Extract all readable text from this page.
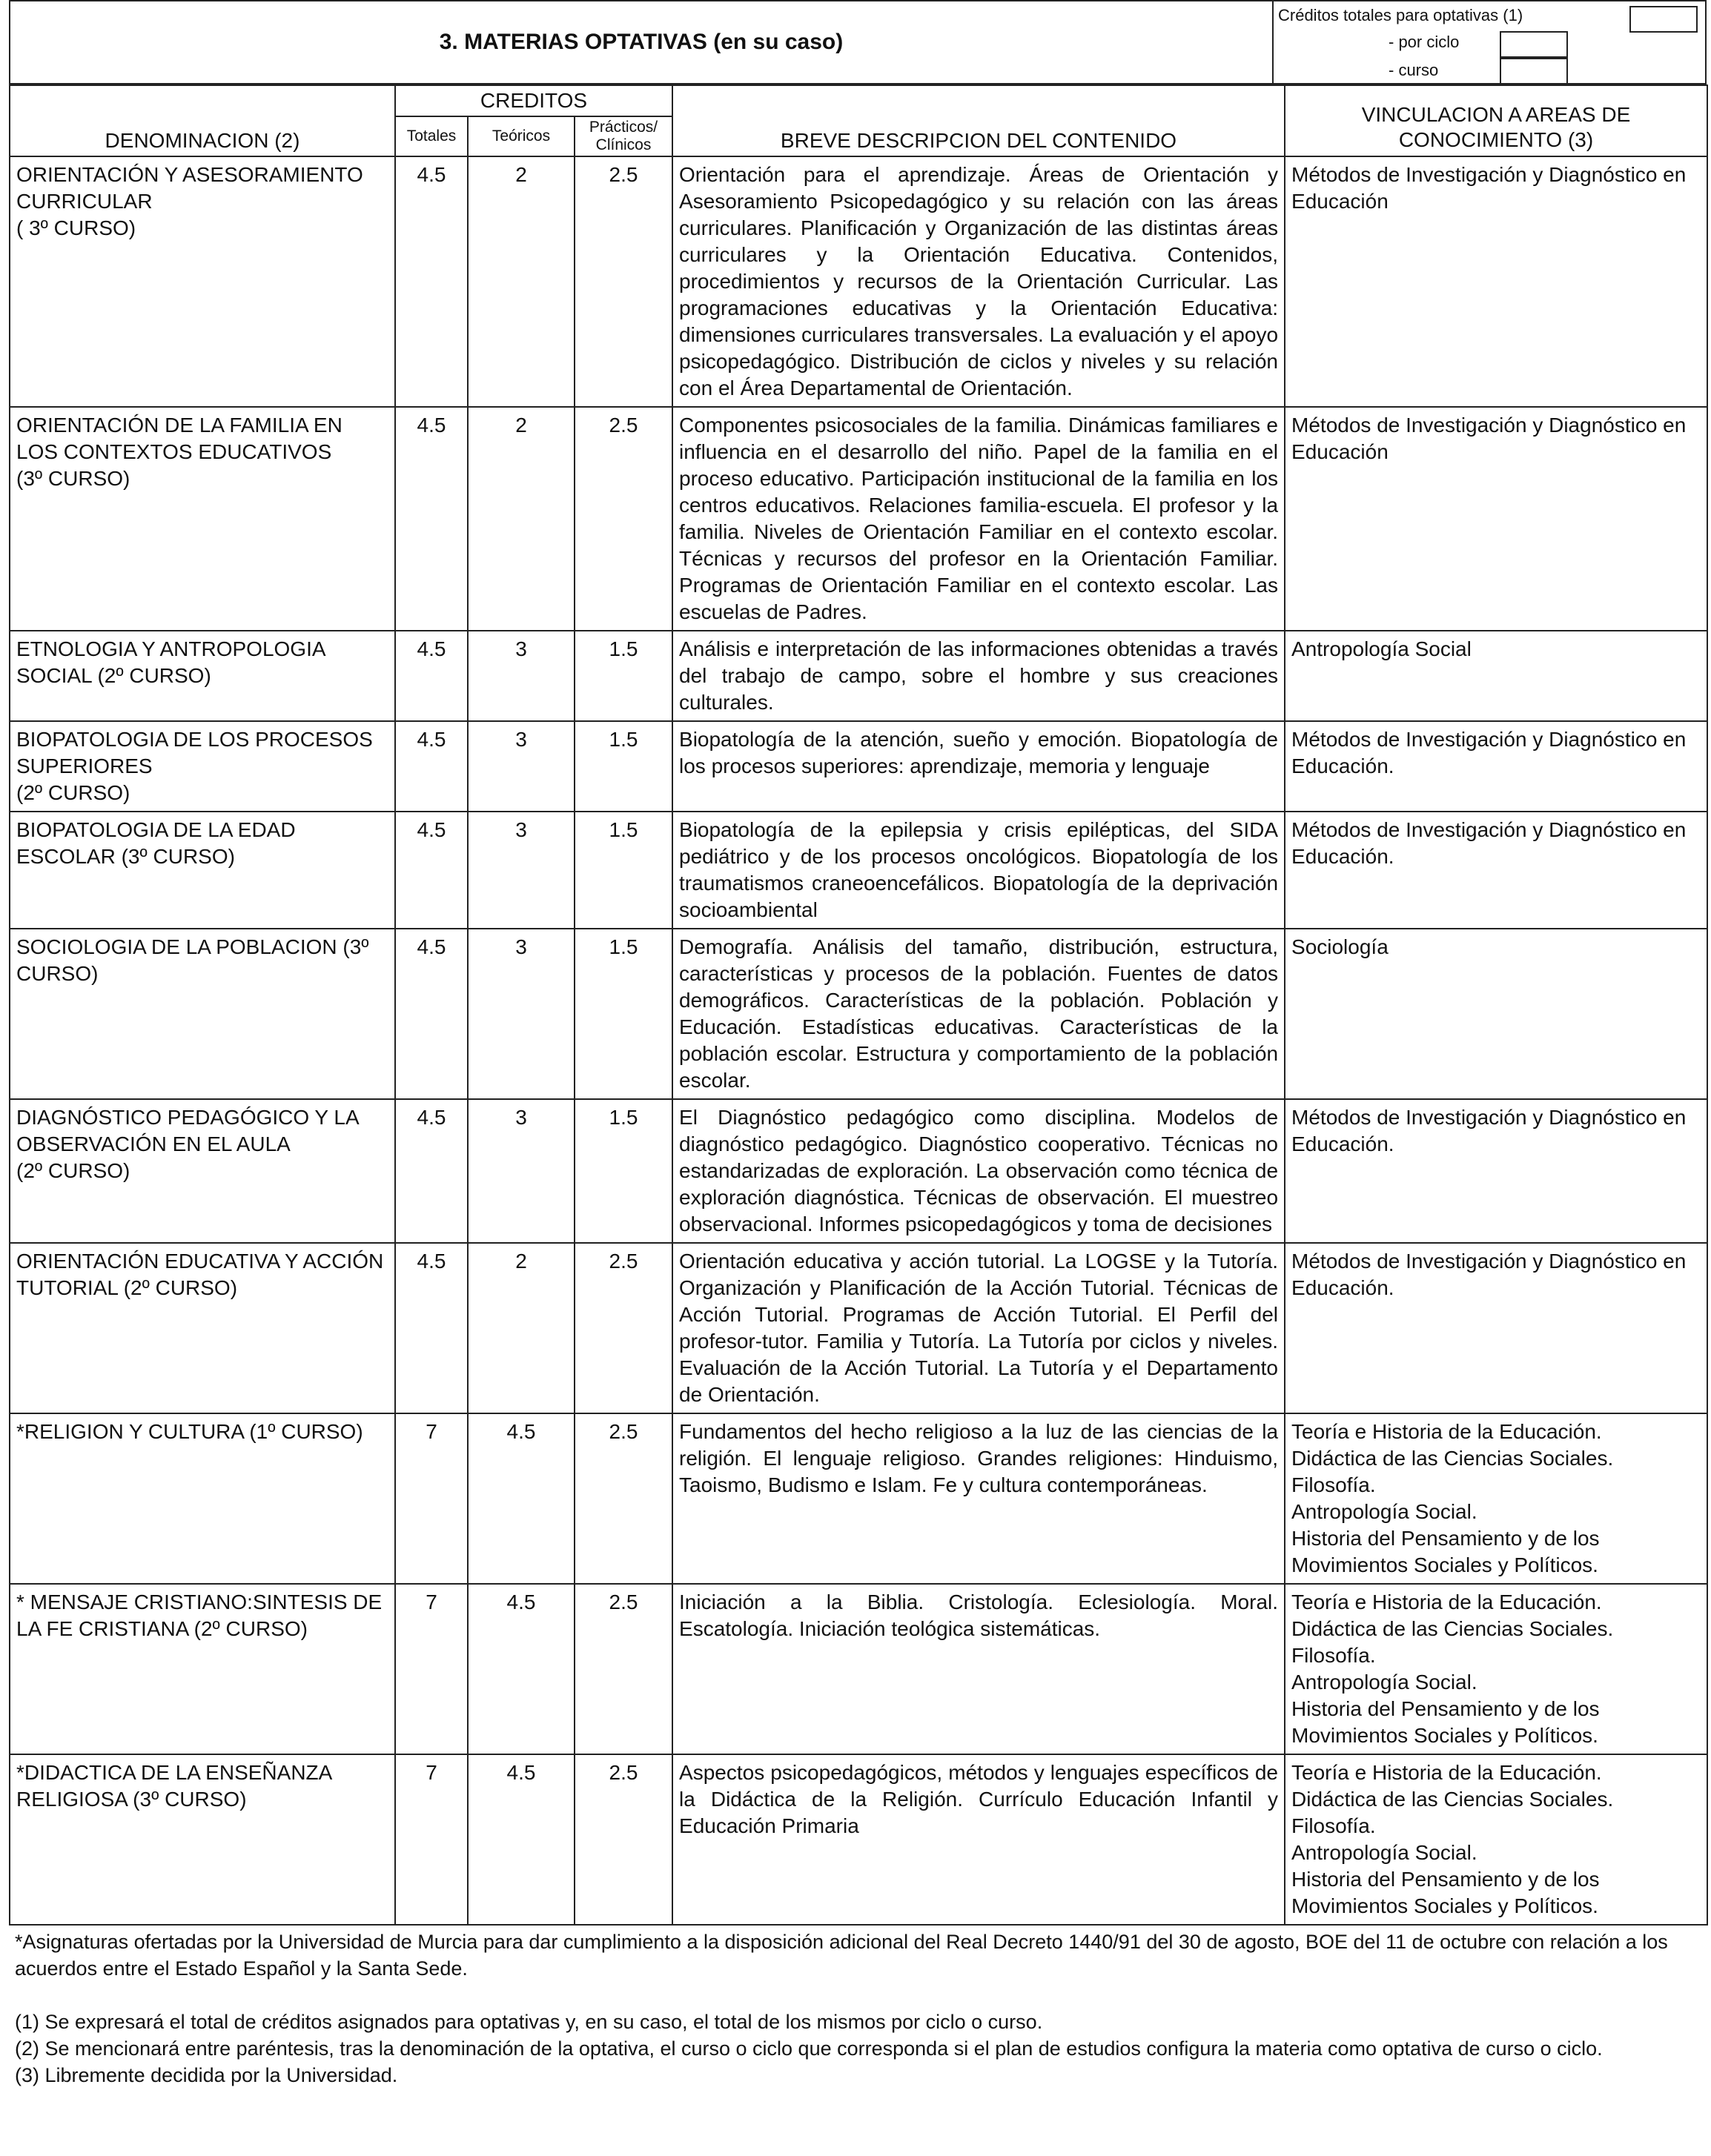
3. MATERIAS OPTATIVAS (en su caso)	
Créditos totales para optativas (1)
- por ciclo
- curso
DENOMINACION (2)	CREDITOS			BREVE DESCRIPCION DEL CONTENIDO	VINCULACION A AREAS DE CONOCIMIENTO (3)
	Totales	Teóricos	Prácticos/ Clínicos		

ORIENTACIÓN Y ASESORAMIENTO CURRICULAR
( 3º CURSO)	4.5	2	2.5	Orientación para el aprendizaje. Áreas de Orientación y Asesoramiento Psicopedagógico y su relación con las áreas curriculares. Planificación y Organización de las distintas áreas curriculares y la Orientación Educativa. Contenidos, procedimientos y recursos de la Orientación Curricular. Las programaciones educativas y la Orientación Educativa: dimensiones curriculares transversales. La evaluación y el apoyo psicopedagógico. Distribución de ciclos y niveles y su relación con el Área Departamental de Orientación.	Métodos de Investigación y Diagnóstico en Educación

ORIENTACIÓN DE LA FAMILIA EN LOS CONTEXTOS EDUCATIVOS
(3º CURSO)	4.5	2	2.5	Componentes psicosociales de la familia. Dinámicas familiares e influencia en el desarrollo del niño. Papel de la familia en el proceso educativo. Participación institucional de la familia en los centros educativos. Relaciones familia-escuela. El profesor y la familia. Niveles de Orientación Familiar en el contexto escolar. Técnicas y recursos del profesor en la Orientación Familiar. Programas de Orientación Familiar en el contexto escolar. Las escuelas de Padres.	Métodos de Investigación y Diagnóstico en Educación

ETNOLOGIA Y ANTROPOLOGIA SOCIAL (2º CURSO)	4.5	3	1.5	Análisis e interpretación de las informaciones obtenidas a través del trabajo de campo, sobre el hombre y sus creaciones culturales.	Antropología Social

BIOPATOLOGIA DE LOS PROCESOS SUPERIORES
(2º CURSO)	4.5	3	1.5	Biopatología de la atención, sueño y emoción. Biopatología de los procesos superiores: aprendizaje, memoria y lenguaje	Métodos de Investigación y Diagnóstico en Educación.

BIOPATOLOGIA DE LA EDAD ESCOLAR (3º CURSO)	4.5	3	1.5	Biopatología de la epilepsia y crisis epilépticas, del SIDA pediátrico y de los procesos oncológicos. Biopatología de los traumatismos craneoencefálicos. Biopatología de la deprivación socioambiental	Métodos de Investigación y Diagnóstico en Educación.

SOCIOLOGIA DE LA POBLACION (3º CURSO)	4.5	3	1.5	Demografía. Análisis del tamaño, distribución, estructura, características y procesos de la población. Fuentes de datos demográficos. Características de la población. Población y Educación. Estadísticas educativas. Características de la población escolar. Estructura y comportamiento de la población escolar.	Sociología

DIAGNÓSTICO PEDAGÓGICO Y LA OBSERVACIÓN EN EL AULA
(2º CURSO)	4.5	3	1.5	El Diagnóstico pedagógico como disciplina. Modelos de diagnóstico pedagógico. Diagnóstico cooperativo. Técnicas no estandarizadas de exploración. La observación como técnica de exploración diagnóstica. Técnicas de observación. El muestreo observacional. Informes psicopedagógicos y toma de decisiones	Métodos de Investigación y Diagnóstico en Educación.

ORIENTACIÓN EDUCATIVA Y ACCIÓN TUTORIAL (2º CURSO)	4.5	2	2.5	Orientación educativa y acción tutorial. La LOGSE y la Tutoría. Organización y Planificación de la Acción Tutorial. Técnicas de Acción Tutorial. Programas de Acción Tutorial. El Perfil del profesor-tutor. Familia y Tutoría. La Tutoría por ciclos y niveles. Evaluación de la Acción Tutorial. La Tutoría y el Departamento de Orientación.	Métodos de Investigación y Diagnóstico en Educación.

*RELIGION Y CULTURA (1º CURSO)	7	4.5	2.5	Fundamentos del hecho religioso a la luz de las ciencias de la religión. El lenguaje religioso. Grandes religiones: Hinduismo, Taoismo, Budismo e Islam. Fe y cultura contemporáneas.	Teoría e Historia de la Educación.
Didáctica de las Ciencias Sociales.
Filosofía.
Antropología Social.
Historia del Pensamiento y de los Movimientos Sociales y Políticos.

* MENSAJE CRISTIANO:SINTESIS DE LA FE CRISTIANA (2º CURSO)	7	4.5	2.5	Iniciación a la Biblia. Cristología. Eclesiología. Moral. Escatología. Iniciación teológica sistemáticas.	Teoría e Historia de la Educación.
Didáctica de las Ciencias Sociales.
Filosofía.
Antropología Social.
Historia del Pensamiento y de los Movimientos Sociales y Políticos.

*DIDACTICA DE LA ENSEÑANZA RELIGIOSA (3º CURSO)	7	4.5	2.5	Aspectos psicopedagógicos, métodos y lenguajes específicos de la Didáctica de la Religión. Currículo Educación Infantil y Educación Primaria	Teoría e Historia de la Educación.
Didáctica de las Ciencias Sociales.
Filosofía.
Antropología Social.
Historia del Pensamiento y de los Movimientos Sociales y Políticos.

*Asignaturas ofertadas por la Universidad de Murcia para dar cumplimiento a la disposición adicional del Real Decreto 1440/91 del 30 de agosto, BOE del 11 de octubre con relación a los acuerdos entre el Estado Español y la Santa Sede.

(1) Se expresará el total de créditos asignados para optativas y, en su caso, el total de los mismos por ciclo o curso.

(2) Se mencionará entre paréntesis, tras la denominación de la optativa, el curso o ciclo que corresponda si el plan de estudios configura la materia como optativa de curso o ciclo.

(3) Libremente decidida por la Universidad.
